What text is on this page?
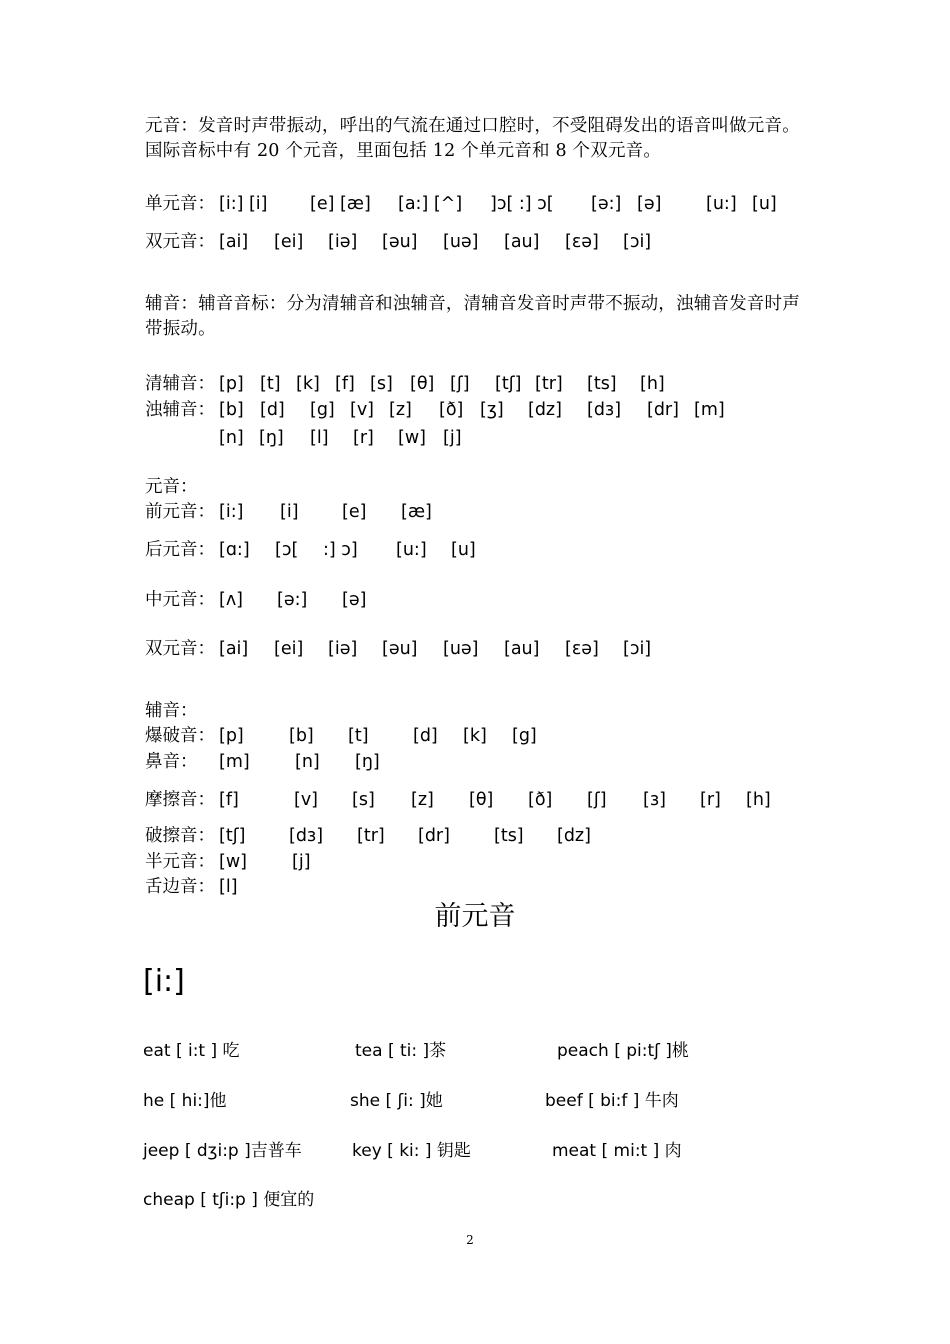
元音：发音时声带振动，呼出的气流在通过口腔时，不受阻碍发出的语音叫做元音。国际音标中有 20 个元音，里面包括 12 个单元音和 8 个双元音。
单元音： [i:] [i] [e] [æ] [a:] [^] ]ɔ[ :] ɔ[ [ə:] [ə]	[u:] [u]
双元音： [ai] [ei] [iə] [əu] [uə] [au] [ɛə] [ɔi]
辅音：辅音音标：分为清辅音和浊辅音，清辅音发音时声带不振动，浊辅音发音时声带振动。
清辅音： [p] [t] [k] [f] [s] [θ] [ʃ] [tʃ] [tr] [ts] [h]
浊辅音： [b] [d] [g] [v] [z] [ð] [ʒ] [dz] [dɜ] [dr] [m]
[n] [ŋ] [l] [r] [w] [j]
元音：
前元音： [i:] [i] [e] [æ]
后元音： [ɑ:] [ɔ[ :] ɔ] [u:] [u]
中元音： [ʌ] [ə:] [ə]
双元音： [ai] [ei] [iə] [əu] [uə] [au] [ɛə] [ɔi]
辅音：
爆破音： [p]	[b] [t]	[d] [k] [g]
鼻音： [m]	[n] [ŋ]
摩擦音： [f]	[v] [s] [z] [θ] [ð] [ʃ] [ɜ] [r] [h]
破擦音： [tʃ] [dɜ] [tr] [dr]	[ts] [dz]
半元音： [w]	[j]
舌边音： [l]
前元音
[i:]
eat [ i:t ] 吃	tea [ ti: ]茶	peach [ pi:tʃ ]桃
he [ hi:]他	she [ ʃi: ]她	beef [ bi:f ] 牛肉
jeep [ dʒi:p ]吉普车	key [ ki: ] 钥匙	meat [ mi:t ] 肉
cheap [ tʃi:p ] 便宜的
2
